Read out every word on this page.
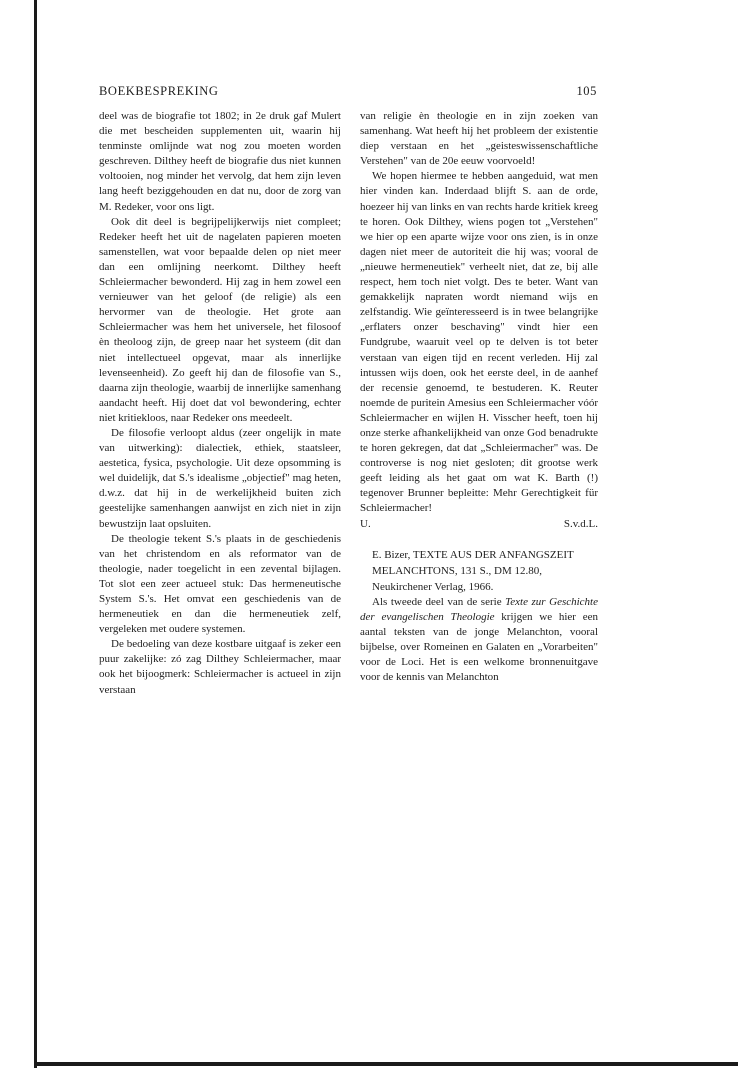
BOEKBESPREKING	105

deel was de biografie tot 1802; in 2e druk gaf Mulert die met bescheiden supplementen uit, waarin hij tenminste omlijnde wat nog zou moeten worden geschreven. Dilthey heeft de biografie dus niet kunnen voltooien, nog minder het vervolg, dat hem zijn leven lang heeft beziggehouden en dat nu, door de zorg van M. Redeker, voor ons ligt.

Ook dit deel is begrijpelijkerwijs niet compleet; Redeker heeft het uit de nagelaten papieren moeten samenstellen, wat voor bepaalde delen op niet meer dan een omlijning neerkomt. Dilthey heeft Schleiermacher bewonderd. Hij zag in hem zowel een vernieuwer van het geloof (de religie) als een hervormer van de theologie. Het grote aan Schleiermacher was hem het universele, het filosoof èn theoloog zijn, de greep naar het systeem (dit dan niet intellectueel opgevat, maar als innerlijke levenseenheid). Zo geeft hij dan de filosofie van S., daarna zijn theologie, waarbij de innerlijke samenhang aandacht heeft. Hij doet dat vol bewondering, echter niet kritiekloos, naar Redeker ons meedeelt.

De filosofie verloopt aldus (zeer ongelijk in mate van uitwerking): dialectiek, ethiek, staatsleer, aestetica, fysica, psychologie. Uit deze opsomming is wel duidelijk, dat S.'s idealisme „objectief" mag heten, d.w.z. dat hij in de werkelijkheid buiten zich geestelijke samenhangen aanwijst en zich niet in zijn bewustzijn laat opsluiten.

De theologie tekent S.'s plaats in de geschiedenis van het christendom en als reformator van de theologie, nader toegelicht in een zevental bijlagen. Tot slot een zeer actueel stuk: Das hermeneutische System S.'s. Het omvat een geschiedenis van de hermeneutiek en dan die hermeneutiek zelf, vergeleken met oudere systemen.

De bedoeling van deze kostbare uitgaaf is zeker een puur zakelijke: zó zag Dilthey Schleiermacher, maar ook het bijoogmerk: Schleiermacher is actueel in zijn verstaan

van religie èn theologie en in zijn zoeken van samenhang. Wat heeft hij het probleem der existentie diep verstaan en het „geisteswissenschaftliche Verstehen" van de 20e eeuw voorvoeld!

We hopen hiermee te hebben aangeduid, wat men hier vinden kan. Inderdaad blijft S. aan de orde, hoezeer hij van links en van rechts harde kritiek kreeg te horen. Ook Dilthey, wiens pogen tot „Verstehen" we hier op een aparte wijze voor ons zien, is in onze dagen niet meer de autoriteit die hij was; vooral de „nieuwe hermeneutiek" verheelt niet, dat ze, bij alle respect, hem toch niet volgt. Des te beter. Want van gemakkelijk napraten wordt niemand wijs en zelfstandig. Wie geïnteresseerd is in twee belangrijke „erflaters onzer beschaving" vindt hier een Fundgrube, waaruit veel op te delven is tot beter verstaan van eigen tijd en recent verleden. Hij zal intussen wijs doen, ook het eerste deel, in de aanhef der recensie genoemd, te bestuderen. K. Reuter noemde de puritein Amesius een Schleiermacher vóór Schleiermacher en wijlen H. Visscher heeft, toen hij onze sterke afhankelijkheid van onze God benadrukte te horen gekregen, dat dat „Schleiermacher" was. De controverse is nog niet gesloten; dit grootse werk geeft leiding als het gaat om wat K. Barth (!) tegenover Brunner bepleitte: Mehr Gerechtigkeit für Schleiermacher!

U.	S.v.d.L.

E. Bizer, TEXTE AUS DER ANFANGSZEIT MELANCHTONS, 131 S., DM 12.80, Neukirchener Verlag, 1966.

Als tweede deel van de serie Texte zur Geschichte der evangelischen Theologie krijgen we hier een aantal teksten van de jonge Melanchton, vooral bijbelse, over Romeinen en Galaten en „Vorarbeiten" voor de Loci. Het is een welkome bronnenuitgave voor de kennis van Melanchton
